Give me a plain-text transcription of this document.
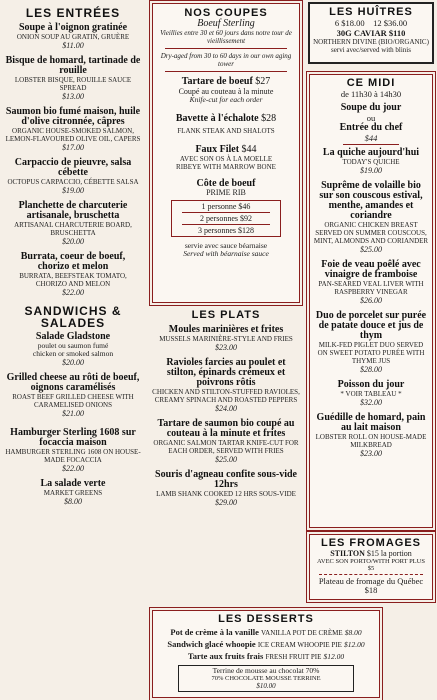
LES ENTRÉES
Soupe à l'oignon gratinée
ONION SOUP AU GRATIN, GRUÈRE
$11.00
Bisque de homard, tartinade de rouille
LOBSTER BISQUE, ROUILLE SAUCE SPREAD
$13.00
Saumon bio fumé maison, huile d'olive citronnée, câpres
ORGANIC HOUSE-SMOKED SALMON, LEMON-FLAVOURED OLIVE OIL, CAPERS
$17.00
Carpaccio de pieuvre, salsa cébette
OCTOPUS CARPACCIO, CÉBETTE SALSA
$19.00
Planchette de charcuterie artisanale, bruschetta
ARTISANAL CHARCUTERIE BOARD, BRUSCHETTA
$20.00
Burrata, coeur de boeuf, chorizo et melon
BURRATA, BEEFSTEAK TOMATO, CHORIZO AND MELON
$22.00
SANDWICHS &
SALADES
Salade Gladstone
poulet ou saumon fumé
chicken or smoked salmon
$20.00
Grilled cheese au rôti de boeuf, oignons caramélisés
ROAST BEEF GRILLED CHEESE WITH CARAMELISED ONIONS
$21.00
Hamburger Sterling 1608 sur focaccia maison
HAMBURGER STERLING 1608 ON HOUSE-MADE FOCACCIA
$22.00
La salade verte
MARKET GREENS
$8.00
NOS COUPES
Boeuf Sterling
Vieillies entre 30 et 60 jours dans notre tour de vieillissement
Dry-aged from 30 to 60 days in our own aging tower
Tartare de boeuf $27
Coupé au couteau à la minute
Knife-cut for each order
Bavette à l'échalote $28
FLANK STEAK AND SHALOTS
Faux Filet $44
AVEC SON OS À LA MOELLE
RIBEYE WITH MARROW BONE
Côte de boeuf
PRIME RIB
1 personne $46
2 personnes $92
3 personnes $128
servie avec sauce béarnaise
Served with béarnaise sauce
LES PLATS
Moules marinières et frites
MUSSELS MARINIÈRE-STYLE AND FRIES
$23.00
Ravioles farcies au poulet et stilton, épinards crémeux et poivrons rôtis
CHICKEN AND STILTON-STUFFED RAVIOLES, CREAMY SPINACH AND ROASTED PEPPERS
$24.00
Tartare de saumon bio coupé au couteau à la minute et frites
ORGANIC SALMON TARTAR KNIFE-CUT FOR EACH ORDER, SERVED WITH FRIES
$25.00
Souris d'agneau confite sous-vide 12hrs
LAMB SHANK COOKED 12 HRS SOUS-VIDE
$29.00
LES HUÎTRES
6 $18.00    12 $36.00
30G CAVIAR $110
NORTHERN DIVINE (BIO/ORGANIC)
servi avec/served with blinis
CE MIDI
de 11h30 à 14h30
Soupe du jour
ou
Entrée du chef
$44
La quiche aujourd'hui
TODAY'S QUICHE
$19.00
Suprême de volaille bio sur son couscous estival, menthe, amandes et coriandre
ORGANIC CHICKEN BREAST SERVED ON SUMMER COUSCOUS, MINT, ALMONDS AND CORIANDER
$25.00
Foie de veau poêlé avec vinaigre de framboise
PAN-SEARED VEAL LIVER WITH RASPBERRY VINEGAR
$26.00
Duo de porcelet sur purée de patate douce et jus de thym
MILK-FED PIGLET DUO SERVED ON SWEET POTATO PURÉE WITH THYME JUS
$28.00
Poisson du jour
* VOIR TABLEAU *
$32.00
Guédille de homard, pain au lait maison
LOBSTER ROLL ON HOUSE-MADE MILKBREAD
$23.00
LES FROMAGES
STILTON $15 la portion
AVEC SON PORTO/WITH PORT PLUS $5
Plateau de fromage du Québec
$18
LES DESSERTS
Pot de crème à la vanille VANILLA POT DE CRÈME $8.00
Sandwich glacé whoopie ICE CREAM WHOOPIE PIE $12.00
Tarte aux fruits frais FRESH FRUIT PIE $12.00
Terrine de mousse au chocolat 70%
70% CHOCOLATE MOUSSE TERRINE
$10.00
